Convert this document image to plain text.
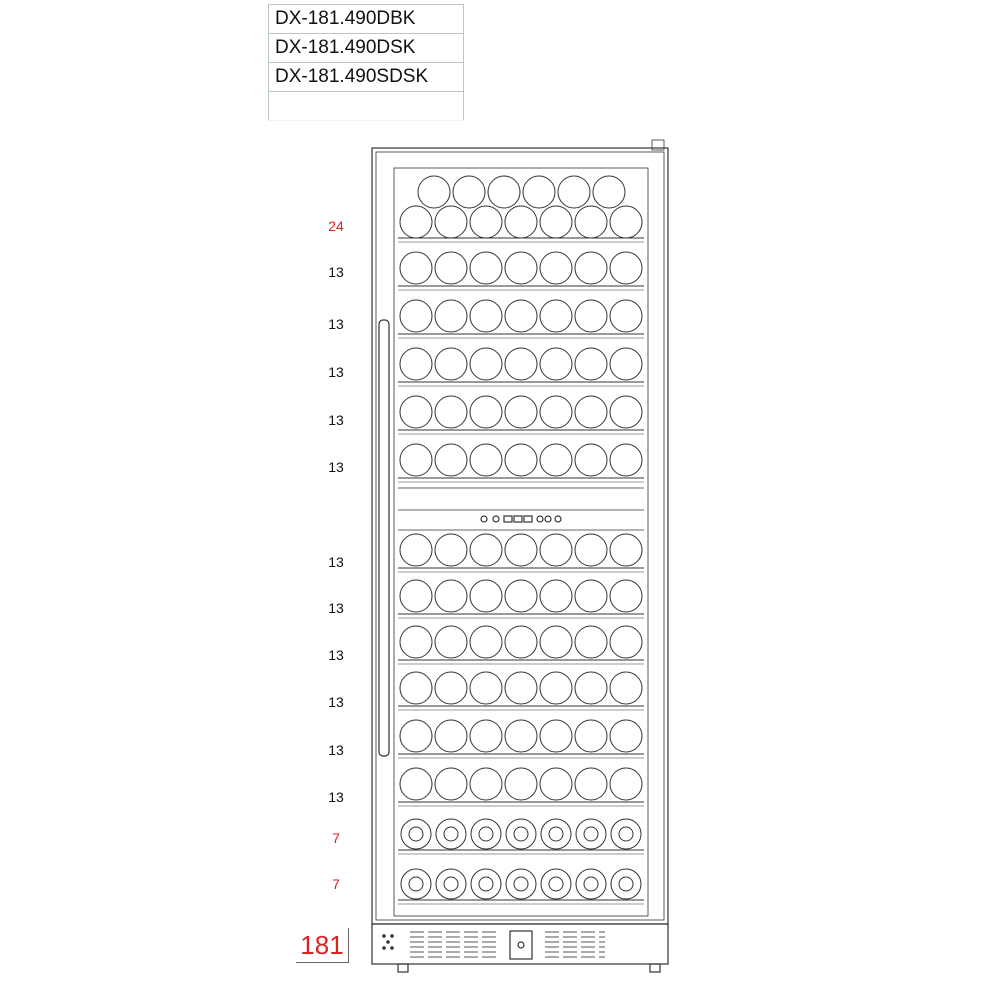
DX-181.490DBK
DX-181.490DSK
DX-181.490SDSK

24
13
13
13
13
13
13
13
13
13
13
13
7
7
181
